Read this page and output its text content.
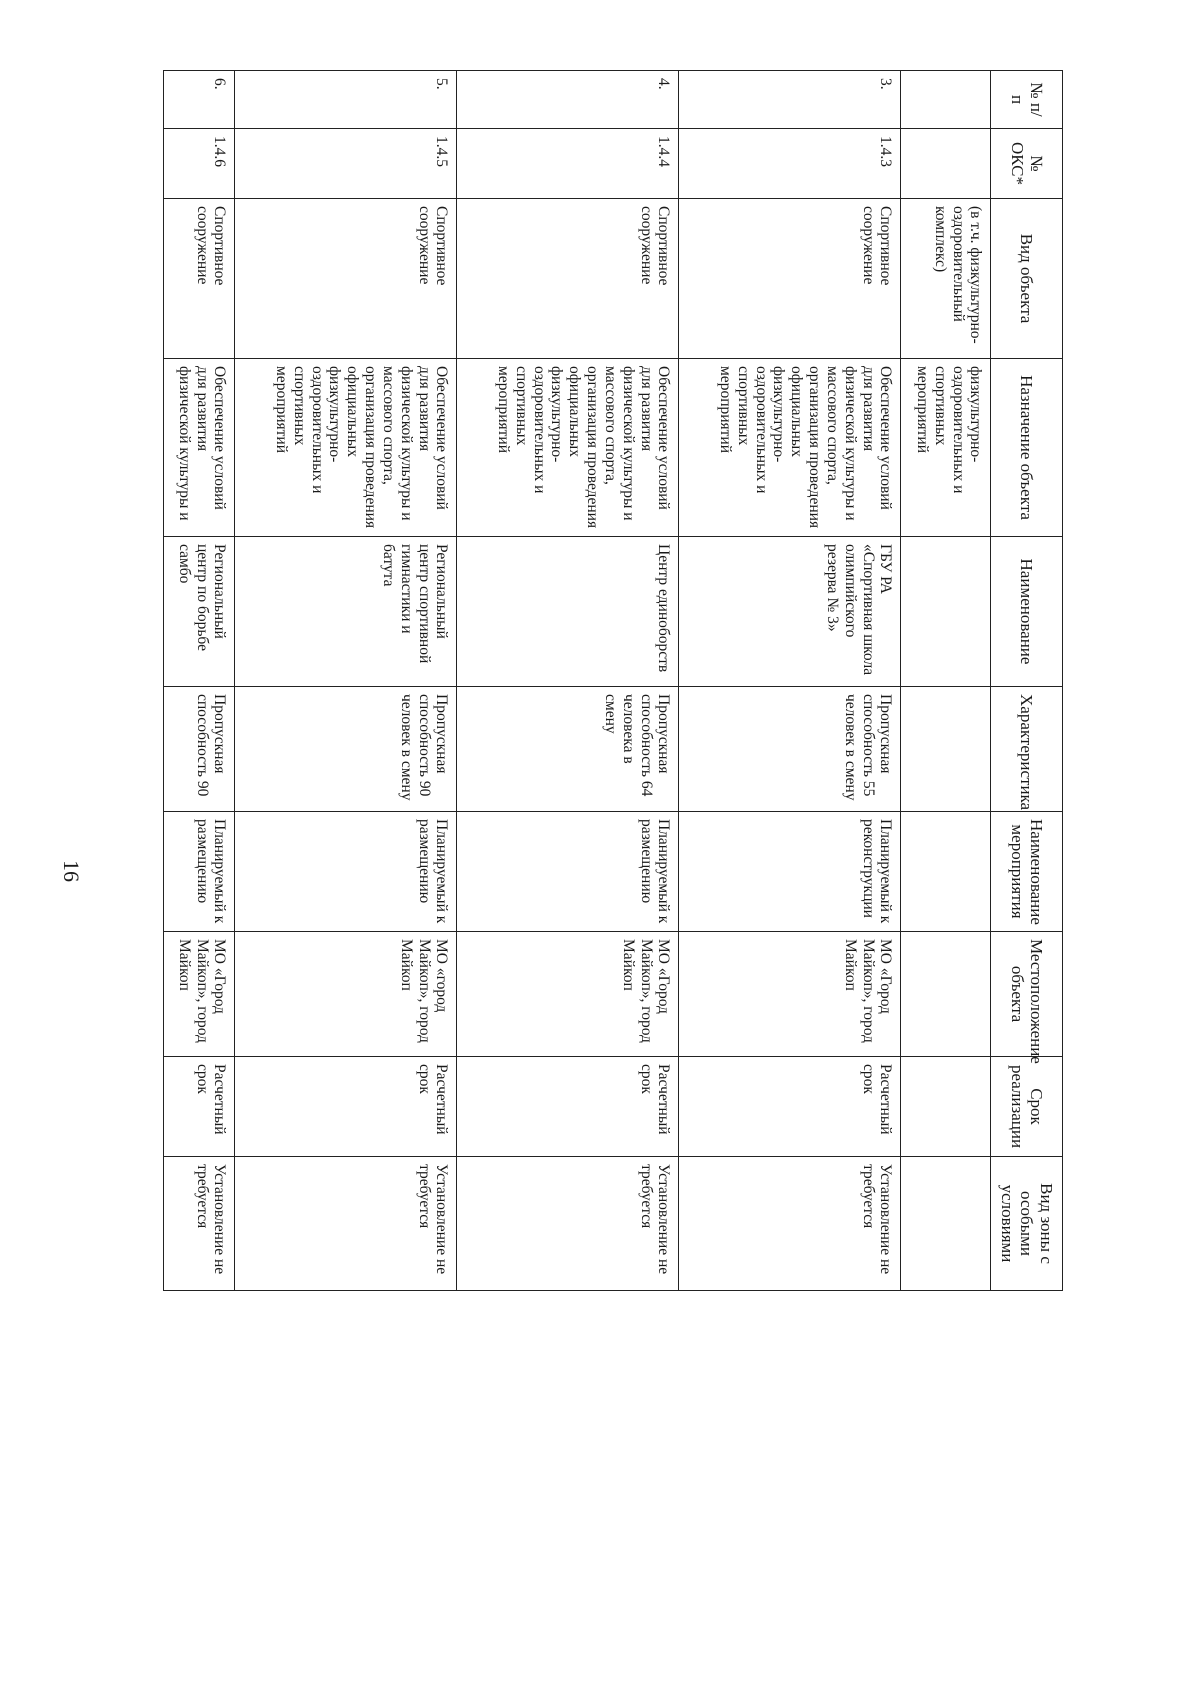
16
№ п/п	№ ОКС*	Вид объекта	Назначение объекта	Наименование	Характеристика	Наименование мероприятия	Местоположение объекта	Срок реализации	Вид зоны с особыми условиями
		(в т.ч. физкультурно-оздоровительный комплекс)	физкультурно-оздоровительных и спортивных мероприятий						
3.	1.4.3	Спортивное сооружение	Обеспечение условий для развития физической культуры и массового спорта, организация проведения официальных физкультурно-оздоровительных и спортивных мероприятий	ГБУ РА «Спортивная школа олимпийского резерва № 3»	Пропускная способность 55 человек в смену	Планируемый к реконструкции	МО «Город Майкоп», город Майкоп	Расчетный срок	Установление не требуется
4.	1.4.4	Спортивное сооружение	Обеспечение условий для развития физической культуры и массового спорта, организация проведения официальных физкультурно-оздоровительных и спортивных мероприятий	Центр единоборств	Пропускная способность 64 человека в смену	Планируемый к размещению	МО «Город Майкоп», город Майкоп	Расчетный срок	Установление не требуется
5.	1.4.5	Спортивное сооружение	Обеспечение условий для развития физической культуры и массового спорта, организация проведения официальных физкультурно-оздоровительных и спортивных мероприятий	Региональный центр спортивной гимнастики и батута	Пропускная способность 90 человек в смену	Планируемый к размещению	МО «город Майкоп», город Майкоп	Расчетный срок	Установление не требуется
6.	1.4.6	Спортивное сооружение	Обеспечение условий для развития физической культуры и	Региональный центр по борьбе самбо	Пропускная способность 90	Планируемый к размещению	МО «Город Майкоп», город Майкоп	Расчетный срок	Установление не требуется
